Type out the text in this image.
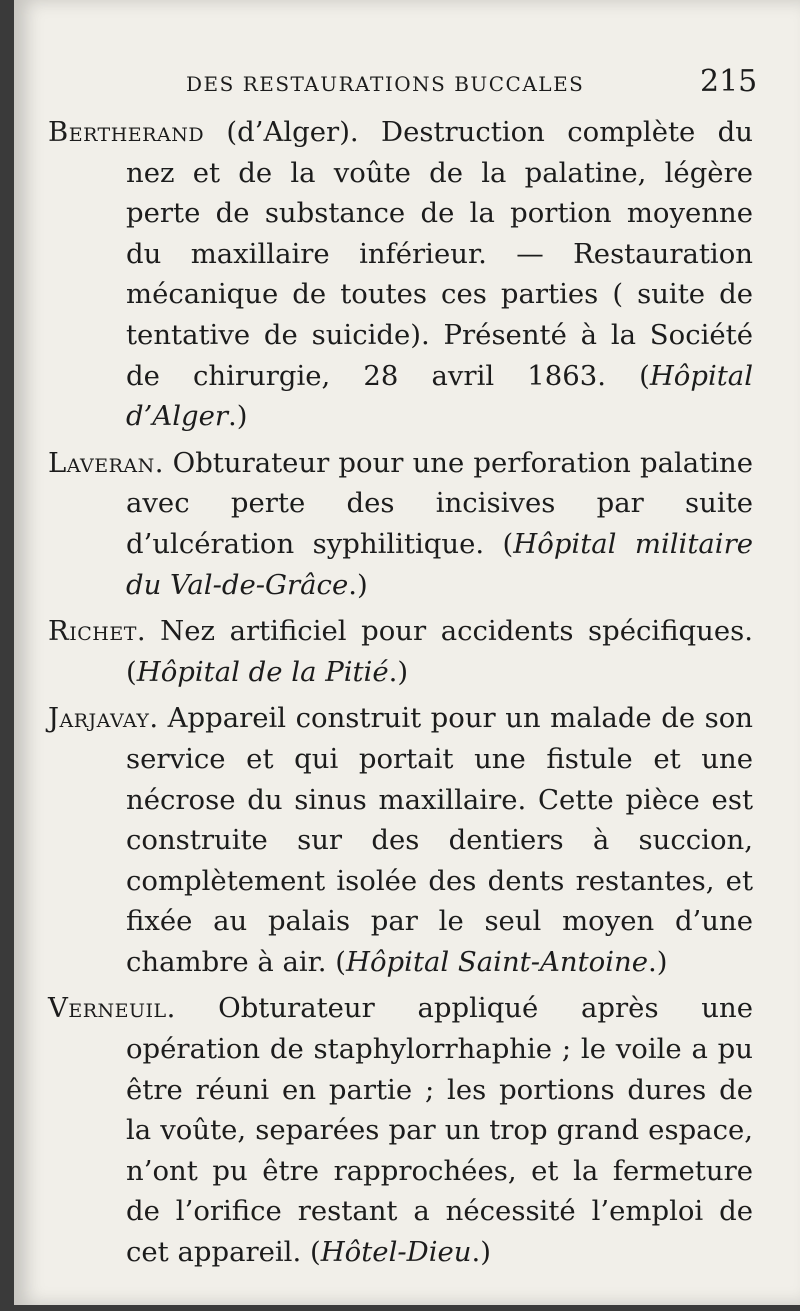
DES RESTAURATIONS BUCCALES	215

Bertherand (d’Alger). Destruction complète du nez et de la voûte de la palatine, légère perte de substance de la portion moyenne du maxillaire inférieur. — Restauration mécanique de toutes ces parties ( suite de tentative de suicide). Présenté à la Société de chirurgie, 28 avril 1863. (Hôpital d’Alger.)

Laveran. Obturateur pour une perforation palatine avec perte des incisives par suite d’ulcération syphilitique. (Hôpital militaire du Val-de-Grâce.)

Richet. Nez artificiel pour accidents spécifiques. (Hôpital de la Pitié.)

Jarjavay. Appareil construit pour un malade de son service et qui portait une fistule et une nécrose du sinus maxillaire. Cette pièce est construite sur des dentiers à succion, complètement isolée des dents restantes, et fixée au palais par le seul moyen d’une chambre à air. (Hôpital Saint-Antoine.)

Verneuil. Obturateur appliqué après une opération de staphylorrhaphie ; le voile a pu être réuni en partie ; les portions dures de la voûte, separées par un trop grand espace, n’ont pu être rapprochées, et la fermeture de l’orifice restant a nécessité l’emploi de cet appareil. (Hôtel-Dieu.)
